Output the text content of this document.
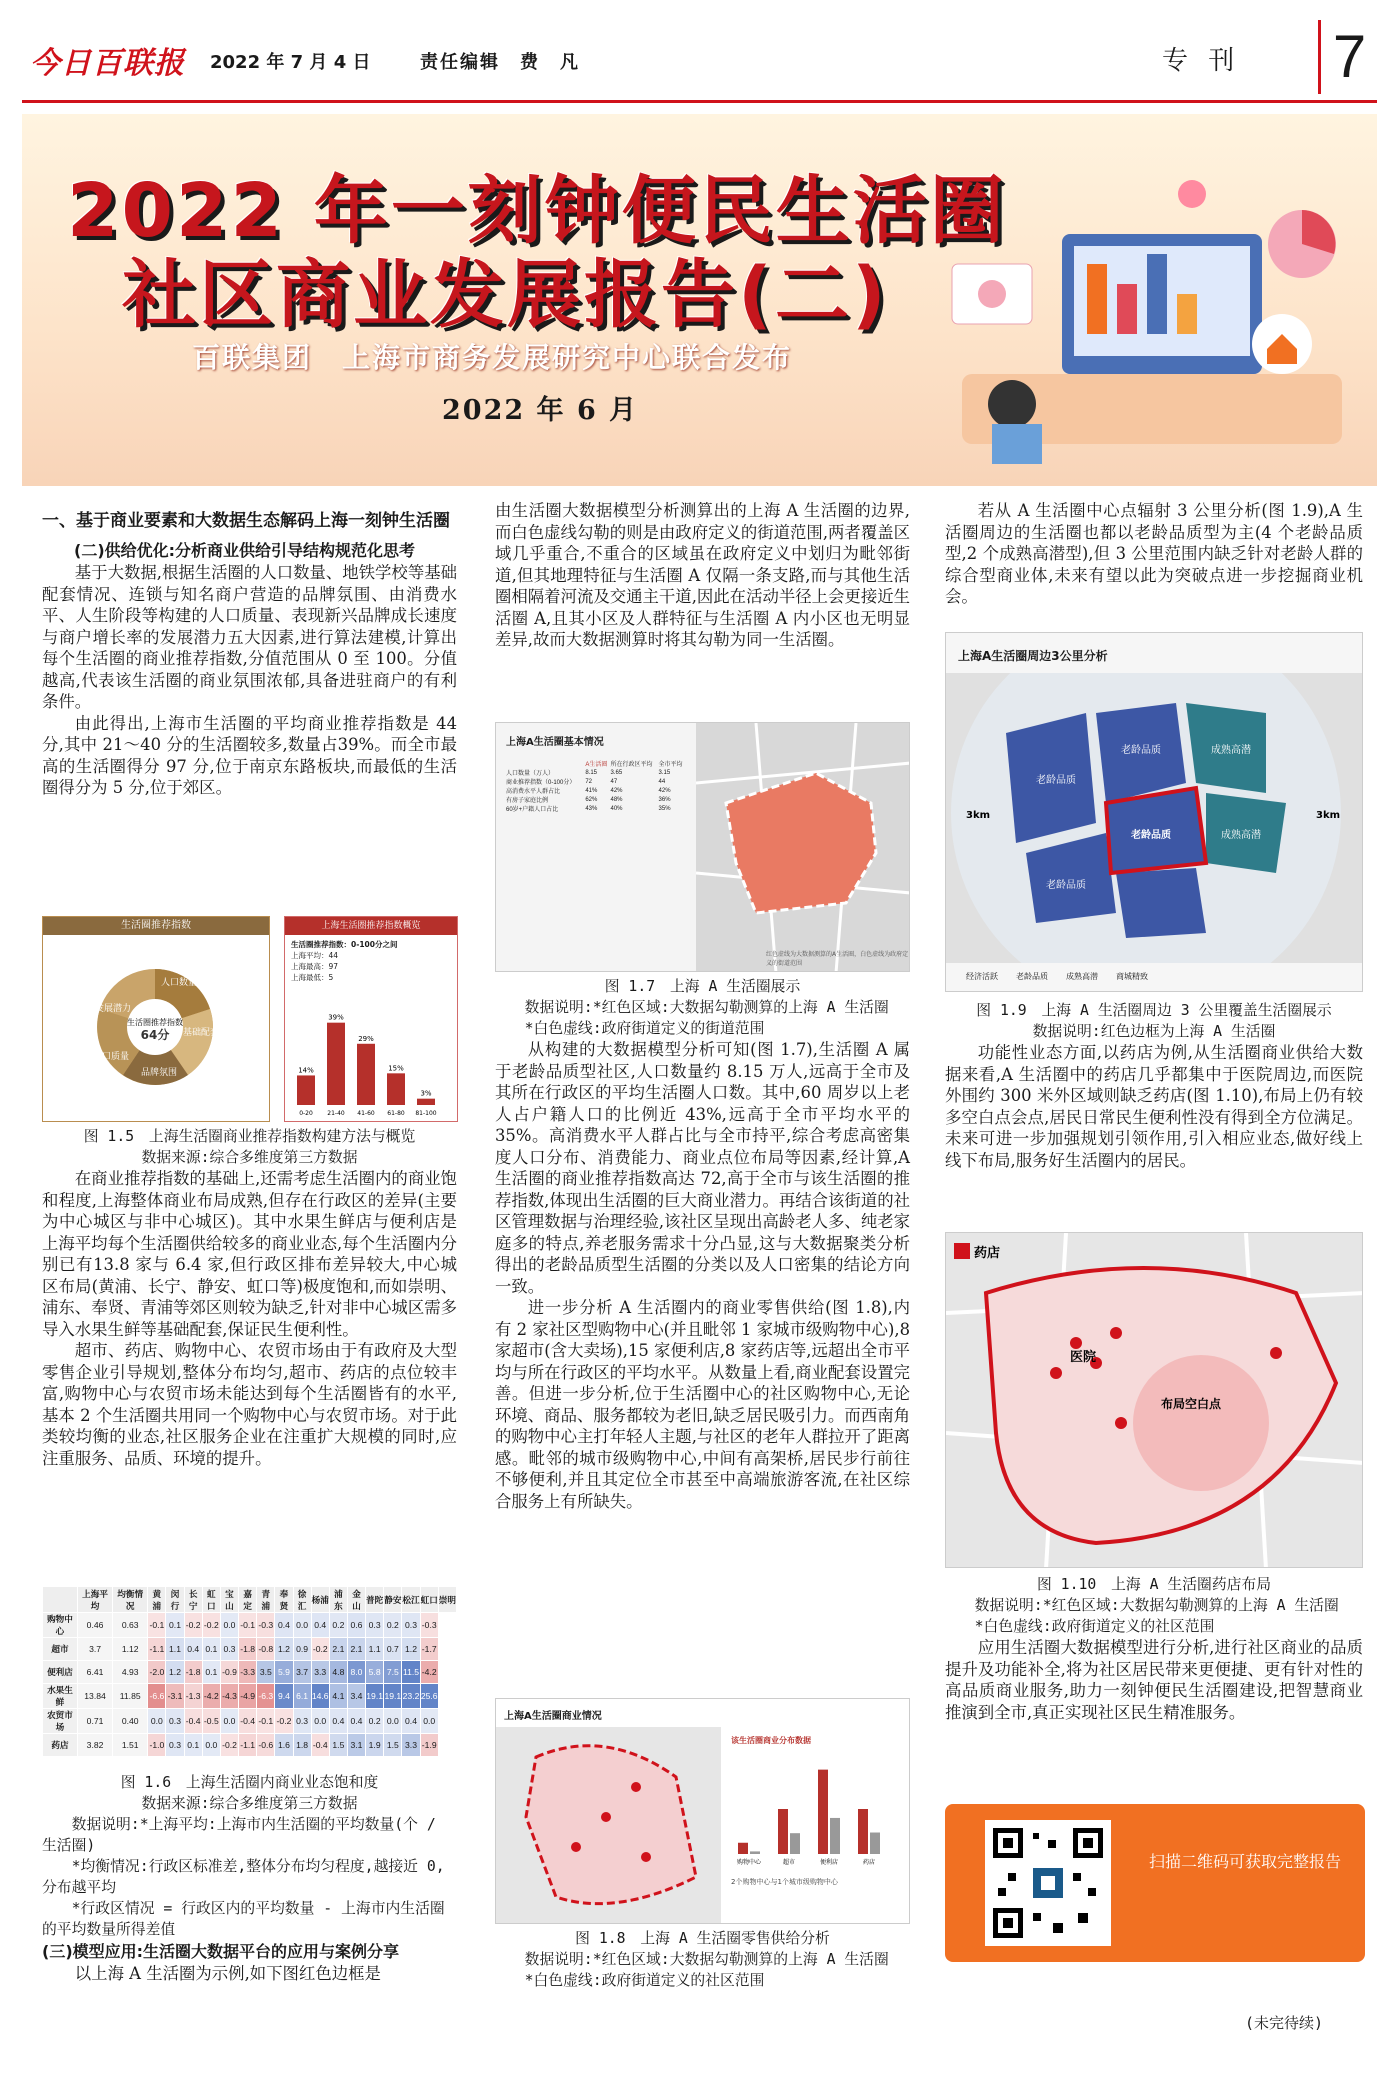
今日百联报 2022 年 7 月 4 日	责任编辑　费　凡	专 刊 7
2022 年一刻钟便民生活圈
社区商业发展报告(二)
百联集团　上海市商务发展研究中心联合发布
2022 年 6 月
一、基于商业要素和大数据生态解码上海一刻钟生活圈
(二)供给优化:分析商业供给引导结构规范化思考

基于大数据,根据生活圈的人口数量、地铁学校等基础配套情况、连锁与知名商户营造的品牌氛围、由消费水平、人生阶段等构建的人口质量、表现新兴品牌成长速度与商户增长率的发展潜力五大因素,进行算法建模,计算出每个生活圈的商业推荐指数,分值范围从 0 至 100。分值越高,代表该生活圈的商业氛围浓郁,具备进驻商户的有利条件。

由此得出,上海市生活圈的平均商业推荐指数是 44 分,其中 21～40 分的生活圈较多,数量占39%。而全市最高的生活圈得分 97 分,位于南京东路板块,而最低的生活圈得分为 5 分,位于郊区。

生活圈推荐指数
生活圈推荐指数
64分
人口数量
基础配套
品牌氛围
人口质量
发展潜力
上海生活圈推荐指数概览
生活圈推荐指数：0-100分之间
上海平均：44
上海最高：97
上海最低：5
14%
0-20
39%
21-40
29%
41-60
15%
61-80
3%
81-100
图 1.5　上海生活圈商业推荐指数构建方法与概览
数据来源:综合多维度第三方数据

在商业推荐指数的基础上,还需考虑生活圈内的商业饱和程度,上海整体商业布局成熟,但存在行政区的差异(主要为中心城区与非中心城区)。其中水果生鲜店与便利店是上海平均每个生活圈供给较多的商业业态,每个生活圈内分别已有13.8 家与 6.4 家,但行政区排布差异较大,中心城区布局(黄浦、长宁、静安、虹口等)极度饱和,而如崇明、浦东、奉贤、青浦等郊区则较为缺乏,针对非中心城区需多导入水果生鲜等基础配套,保证民生便利性。

超市、药店、购物中心、农贸市场由于有政府及大型零售企业引导规划,整体分布均匀,超市、药店的点位较丰富,购物中心与农贸市场未能达到每个生活圈皆有的水平,基本 2 个生活圈共用同一个购物中心与农贸市场。对于此类较均衡的业态,社区服务企业在注重扩大规模的同时,应注重服务、品质、环境的提升。

	上海平均	均衡情况	黄浦	闵行	长宁	虹口	宝山	嘉定	青浦	奉贤	徐汇	杨浦	浦东	金山	普陀	静安	松江	虹口	崇明
购物中心	0.46	0.63	-0.1	0.1	-0.2	-0.2	0.0	-0.1	-0.3	0.4	0.0	0.4	0.2	0.6	0.3	0.2	0.3	-0.3	
超市	3.7	1.12	-1.1	1.1	0.4	0.1	0.3	-1.8	-0.8	1.2	0.9	-0.2	2.1	2.1	1.1	0.7	1.2	-1.7	
便利店	6.41	4.93	-2.0	1.2	-1.8	0.1	-0.9	-3.3	3.5	5.9	3.7	3.3	4.8	8.0	5.8	7.5	11.5	-4.2	
水果生鲜	13.84	11.85	-6.6	-3.1	-1.3	-4.2	-4.3	-4.9	-6.3	9.4	6.1	14.6	4.1	3.4	19.1	19.1	23.2	25.6	
农贸市场	0.71	0.40	0.0	0.3	-0.4	-0.5	0.0	-0.4	-0.1	-0.2	0.3	0.0	0.4	0.4	0.2	0.0	0.4	0.0	
药店	3.82	1.51	-1.0	0.3	0.1	0.0	-0.2	-1.1	-0.6	1.6	1.8	-0.4	1.5	3.1	1.9	1.5	3.3	-1.9	
图 1.6　上海生活圈内商业业态饱和度
数据来源:综合多维度第三方数据
数据说明:*上海平均:上海市内生活圈的平均数量(个 / 生活圈)
*均衡情况:行政区标准差,整体分布均匀程度,越接近 0,分布越平均
*行政区情况 = 行政区内的平均数量 - 上海市内生活圈的平均数量所得差值
(三)模型应用:生活圈大数据平台的应用与案例分享

以上海 A 生活圈为示例,如下图红色边框是

由生活圈大数据模型分析测算出的上海 A 生活圈的边界,而白色虚线勾勒的则是由政府定义的街道范围,两者覆盖区域几乎重合,不重合的区域虽在政府定义中划归为毗邻街道,但其地理特征与生活圈 A 仅隔一条支路,而与其他生活圈相隔着河流及交通主干道,因此在活动半径上会更接近生活圈 A,且其小区及人群特征与生活圈 A 内小区也无明显差异,故而大数据测算时将其勾勒为同一生活圈。

上海A生活圈基本情况
	A生活圈	所在行政区平均	全市平均
人口数量（万人）	8.15	3.65	3.15
商业推荐指数（0-100分）	72	47	44
高消费水平人群占比	41%	42%	42%
有房子家庭比例	62%	48%	36%
60岁+户籍人口占比	43%	40%	35%
红色虚线为大数据测算的A生活圈，白色虚线为政府定义的街道范围
图 1.7　上海 A 生活圈展示
数据说明:*红色区域:大数据勾勒测算的上海 A 生活圈
*白色虚线:政府街道定义的街道范围

从构建的大数据模型分析可知(图 1.7),生活圈 A 属于老龄品质型社区,人口数量约 8.15 万人,远高于全市及其所在行政区的平均生活圈人口数。其中,60 周岁以上老人占户籍人口的比例近 43%,远高于全市平均水平的 35%。高消费水平人群占比与全市持平,综合考虑高密集度人口分布、消费能力、商业点位布局等因素,经计算,A 生活圈的商业推荐指数高达 72,高于全市与该生活圈的推荐指数,体现出生活圈的巨大商业潜力。再结合该街道的社区管理数据与治理经验,该社区呈现出高龄老人多、纯老家庭多的特点,养老服务需求十分凸显,这与大数据聚类分析得出的老龄品质型生活圈的分类以及人口密集的结论方向一致。

进一步分析 A 生活圈内的商业零售供给(图 1.8),内有 2 家社区型购物中心(并且毗邻 1 家城市级购物中心),8 家超市(含大卖场),15 家便利店,8 家药店等,远超出全市平均与所在行政区的平均水平。从数量上看,商业配套设置完善。但进一步分析,位于生活圈中心的社区购物中心,无论环境、商品、服务都较为老旧,缺乏居民吸引力。而西南角的购物中心主打年轻人主题,与社区的老年人群拉开了距离感。毗邻的城市级购物中心,中间有高架桥,居民步行前往不够便利,并且其定位全市甚至中高端旅游客流,在社区综合服务上有所缺失。

上海A生活圈商业情况
该生活圈商业分布数据
购物中心	超市	便利店	药店
2个购物中心与1个城市级购物中心
图 1.8　上海 A 生活圈零售供给分析
数据说明:*红色区域:大数据勾勒测算的上海 A 生活圈
*白色虚线:政府街道定义的社区范围

若从 A 生活圈中心点辐射 3 公里分析(图 1.9),A 生活圈周边的生活圈也都以老龄品质型为主(4 个老龄品质型,2 个成熟高潜型),但 3 公里范围内缺乏针对老龄人群的综合型商业体,未来有望以此为突破点进一步挖掘商业机会。

上海A生活圈周边3公里分析
老龄品质
老龄品质
老龄品质
老龄品质
成熟高潜
成熟高潜
3km	3km
经济活跃 老龄品质 成熟高潜 商城精致
图 1.9　上海 A 生活圈周边 3 公里覆盖生活圈展示
数据说明:红色边框为上海 A 生活圈

功能性业态方面,以药店为例,从生活圈商业供给大数据来看,A 生活圈中的药店几乎都集中于医院周边,而医院外围约 300 米外区域则缺乏药店(图 1.10),布局上仍有较多空白点会点,居民日常民生便利性没有得到全方位满足。未来可进一步加强规划引领作用,引入相应业态,做好线上线下布局,服务好生活圈内的居民。

药店
医院
布局空白点
图 1.10　上海 A 生活圈药店布局
数据说明:*红色区域:大数据勾勒测算的上海 A 生活圈
*白色虚线:政府街道定义的社区范围

应用生活圈大数据模型进行分析,进行社区商业的品质提升及功能补全,将为社区居民带来更便捷、更有针对性的高品质商业服务,助力一刻钟便民生活圈建设,把智慧商业推演到全市,真正实现社区民生精准服务。

扫描二维码可获取完整报告
(未完待续)
